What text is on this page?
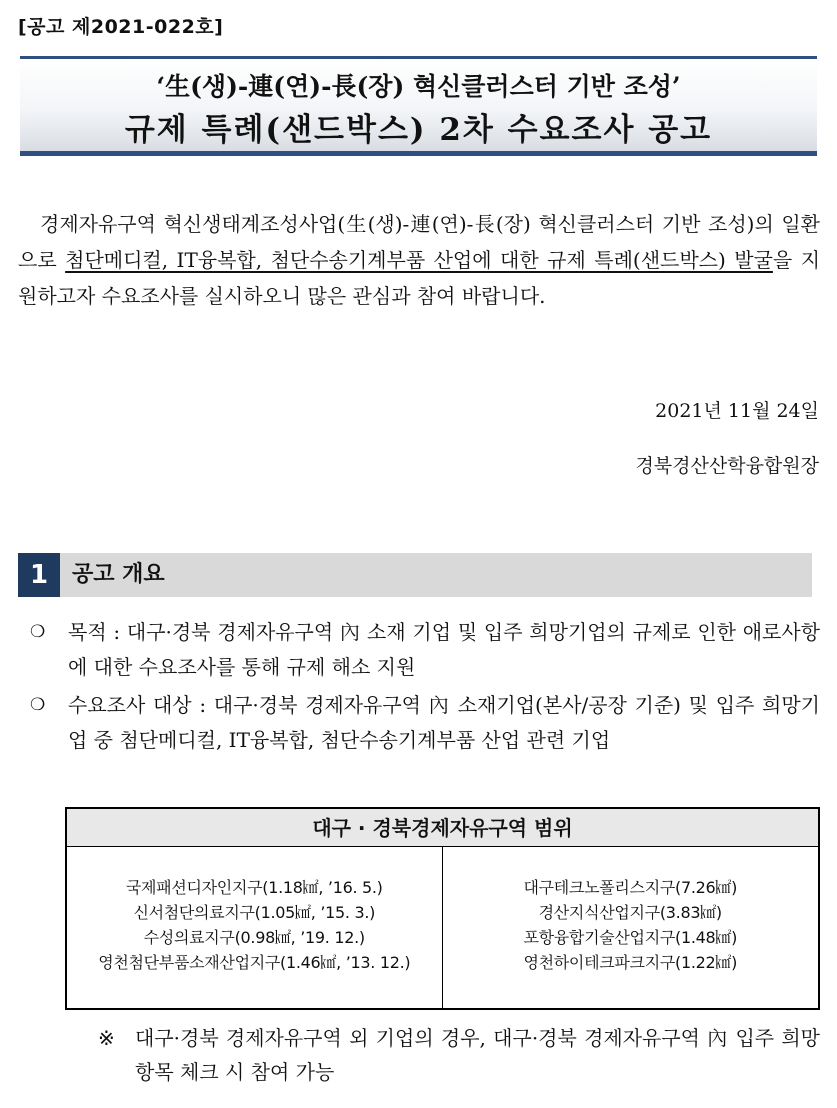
[공고 제2021-022호]
‘生(생)-連(연)-長(장) 혁신클러스터 기반 조성’
규제 특례(샌드박스) 2차 수요조사 공고

경제자유구역 혁신생태계조성사업(生(생)-連(연)-長(장) 혁신클러스터 기반 조성)의 일환으로 첨단메디컬, IT융복합, 첨단수송기계부품 산업에 대한 규제 특례(샌드박스) 발굴을 지원하고자 수요조사를 실시하오니 많은 관심과 참여 바랍니다.

2021년 11월 24일
경북경산산학융합원장
1	공고 개요
❍ 목적 : 대구·경북 경제자유구역 內 소재 기업 및 입주 희망기업의 규제로 인한 애로사항에 대한 수요조사를 통해 규제 해소 지원
❍ 수요조사 대상 : 대구·경북 경제자유구역 內 소재기업(본사/공장 기준) 및 입주 희망기업 중 첨단메디컬, IT융복합, 첨단수송기계부품 산업 관련 기업
대구 · 경북경제자유구역 범위
국제패션디자인지구(1.18㎢, ’16. 5.)
신서첨단의료지구(1.05㎢, ’15. 3.)
수성의료지구(0.98㎢, ’19. 12.)
영천첨단부품소재산업지구(1.46㎢, ’13. 12.)
대구테크노폴리스지구(7.26㎢)
경산지식산업지구(3.83㎢)
포항융합기술산업지구(1.48㎢)
영천하이테크파크지구(1.22㎢)
※ 대구·경북 경제자유구역 외 기업의 경우, 대구·경북 경제자유구역 內 입주 희망 항목 체크 시 참여 가능
